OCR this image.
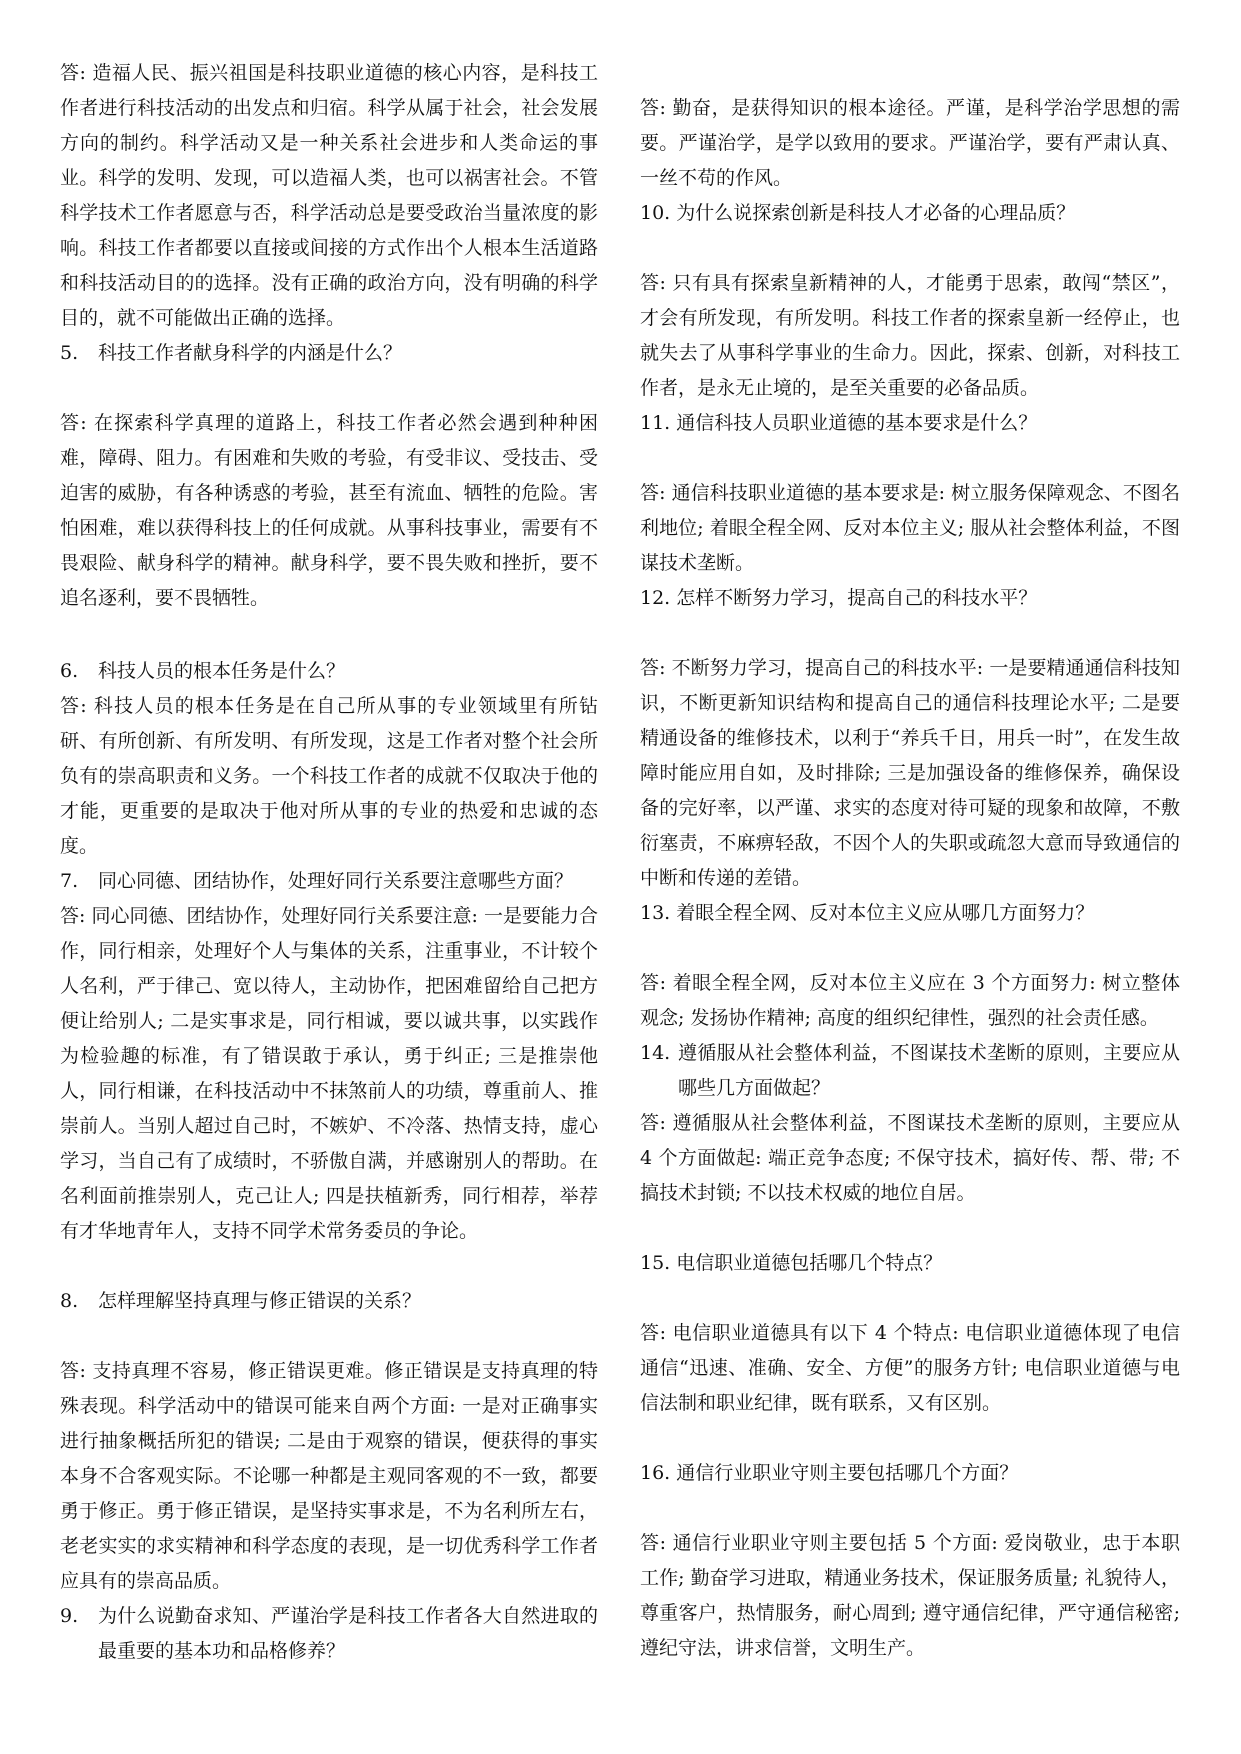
答: 造福人民、振兴祖国是科技职业道德的核心内容，是科技工作者进行科技活动的出发点和归宿。科学从属于社会，社会发展方向的制约。科学活动又是一种关系社会进步和人类命运的事业。科学的发明、发现，可以造福人类，也可以祸害社会。不管科学技术工作者愿意与否，科学活动总是要受政治当量浓度的影响。科技工作者都要以直接或间接的方式作出个人根本生活道路和科技活动目的的选择。没有正确的政治方向，没有明确的科学目的，就不可能做出正确的选择。

5. 科技工作者献身科学的内涵是什么？

答: 在探索科学真理的道路上，科技工作者必然会遇到种种困难，障碍、阻力。有困难和失败的考验，有受非议、受技击、受迫害的威胁，有各种诱惑的考验，甚至有流血、牺牲的危险。害怕困难，难以获得科技上的任何成就。从事科技事业，需要有不畏艰险、献身科学的精神。献身科学，要不畏失败和挫折，要不追名逐利，要不畏牺牲。

6. 科技人员的根本任务是什么？

答: 科技人员的根本任务是在自己所从事的专业领域里有所钻研、有所创新、有所发明、有所发现，这是工作者对整个社会所负有的崇高职责和义务。一个科技工作者的成就不仅取决于他的才能，更重要的是取决于他对所从事的专业的热爱和忠诚的态度。

7. 同心同德、团结协作，处理好同行关系要注意哪些方面？

答: 同心同德、团结协作，处理好同行关系要注意: 一是要能力合作，同行相亲，处理好个人与集体的关系，注重事业，不计较个人名利，严于律己、宽以待人，主动协作，把困难留给自己把方便让给别人; 二是实事求是，同行相诚，要以诚共事，以实践作为检验趣的标准，有了错误敢于承认，勇于纠正; 三是推崇他人，同行相谦，在科技活动中不抹煞前人的功绩，尊重前人、推崇前人。当别人超过自己时，不嫉妒、不冷落、热情支持，虚心学习，当自己有了成绩时，不骄傲自满，并感谢别人的帮助。在名利面前推崇别人，克己让人; 四是扶植新秀，同行相荐，举荐有才华地青年人，支持不同学术常务委员的争论。

8. 怎样理解坚持真理与修正错误的关系？

答: 支持真理不容易，修正错误更难。修正错误是支持真理的特殊表现。科学活动中的错误可能来自两个方面: 一是对正确事实进行抽象概括所犯的错误; 二是由于观察的错误，便获得的事实本身不合客观实际。不论哪一种都是主观同客观的不一致，都要勇于修正。勇于修正错误，是坚持实事求是，不为名利所左右，老老实实的求实精神和科学态度的表现，是一切优秀科学工作者应具有的崇高品质。

9. 为什么说勤奋求知、严谨治学是科技工作者各大自然进取的最重要的基本功和品格修养？

答: 勤奋，是获得知识的根本途径。严谨，是科学治学思想的需要。严谨治学，是学以致用的要求。严谨治学，要有严肃认真、一丝不苟的作风。

10. 为什么说探索创新是科技人才必备的心理品质？

答: 只有具有探索皇新精神的人，才能勇于思索，敢闯“禁区”，才会有所发现，有所发明。科技工作者的探索皇新一经停止，也就失去了从事科学事业的生命力。因此，探索、创新，对科技工作者，是永无止境的，是至关重要的必备品质。

11. 通信科技人员职业道德的基本要求是什么？

答: 通信科技职业道德的基本要求是: 树立服务保障观念、不图名利地位; 着眼全程全网、反对本位主义; 服从社会整体利益，不图谋技术垄断。

12. 怎样不断努力学习，提高自己的科技水平？

答: 不断努力学习，提高自己的科技水平: 一是要精通通信科技知识，不断更新知识结构和提高自己的通信科技理论水平; 二是要精通设备的维修技术，以利于“养兵千日，用兵一时”，在发生故障时能应用自如，及时排除; 三是加强设备的维修保养，确保设备的完好率，以严谨、求实的态度对待可疑的现象和故障，不敷衍塞责，不麻痹轻敌，不因个人的失职或疏忽大意而导致通信的中断和传递的差错。

13. 着眼全程全网、反对本位主义应从哪几方面努力？

答: 着眼全程全网，反对本位主义应在 3 个方面努力: 树立整体观念; 发扬协作精神; 高度的组织纪律性，强烈的社会责任感。

14. 遵循服从社会整体利益，不图谋技术垄断的原则，主要应从哪些几方面做起？

答: 遵循服从社会整体利益，不图谋技术垄断的原则，主要应从 4 个方面做起: 端正竞争态度; 不保守技术，搞好传、帮、带; 不搞技术封锁; 不以技术权威的地位自居。

15. 电信职业道德包括哪几个特点？

答: 电信职业道德具有以下 4 个特点: 电信职业道德体现了电信通信“迅速、准确、安全、方便”的服务方针; 电信职业道德与电信法制和职业纪律，既有联系，又有区别。

16. 通信行业职业守则主要包括哪几个方面？

答: 通信行业职业守则主要包括 5 个方面: 爱岗敬业，忠于本职工作; 勤奋学习进取，精通业务技术，保证服务质量; 礼貌待人，尊重客户，热情服务，耐心周到; 遵守通信纪律，严守通信秘密; 遵纪守法，讲求信誉，文明生产。
